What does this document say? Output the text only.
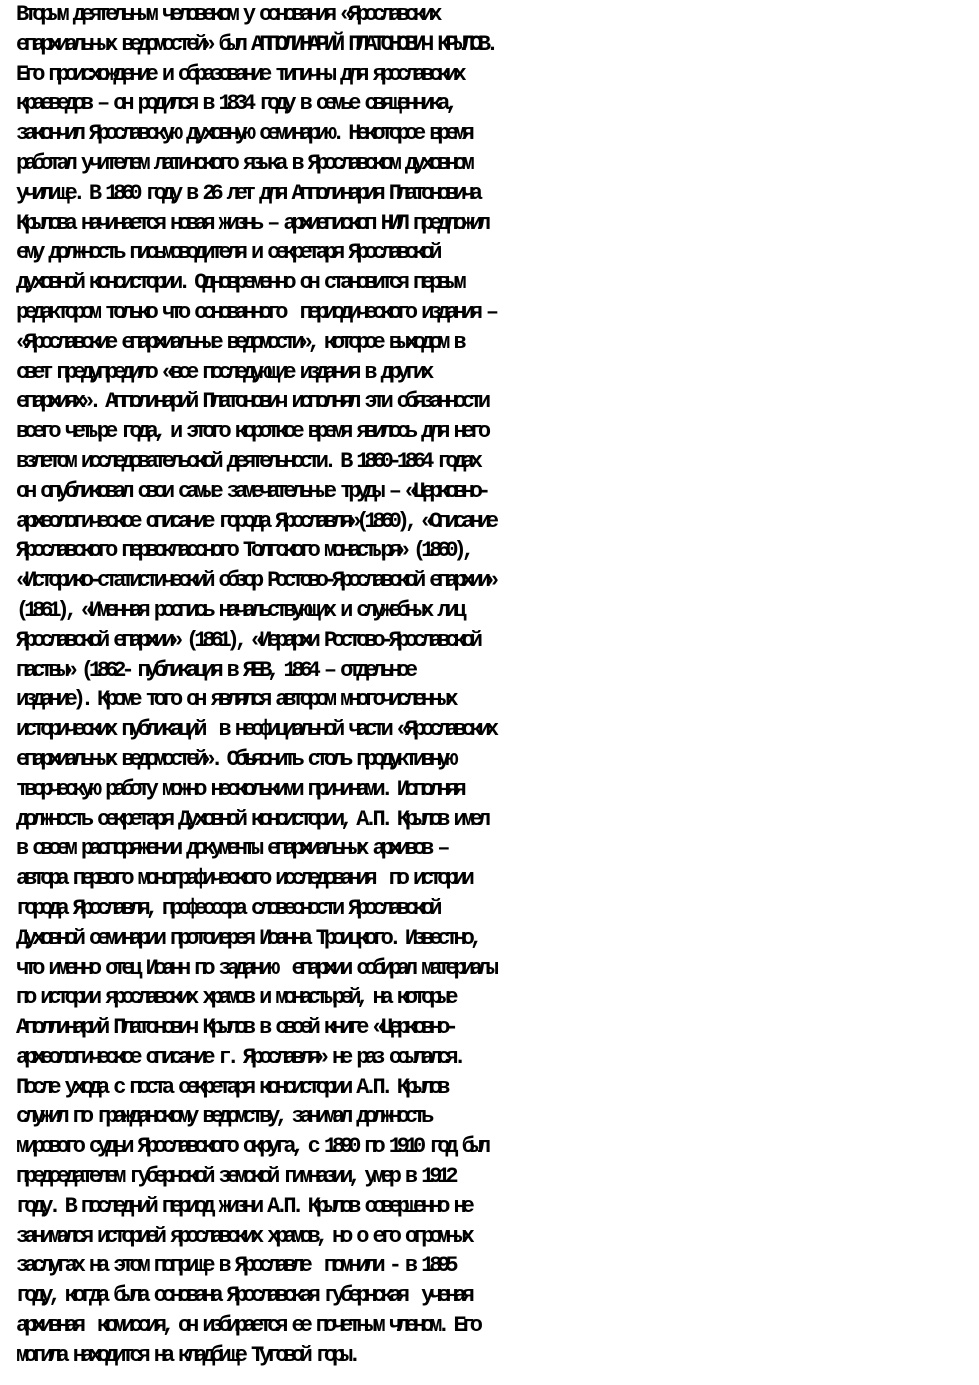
Вторым деятельным человеком у основания «Ярославских
епархиальных ведомостей» был АППОЛИНАРИЙ ПЛАТОНОВИЧ КРЫЛОВ.
Его происхождение и образование типичны для ярославских
краеведов – он родился в 1834 году в семье священника,
закончил Ярославскую духовную семинарию. Некоторое время
работал учителем латинского языка в Ярославском духовном
училище. В 1860 году в 26 лет для Апполинария Платоновича
Крылова начинается новая жизнь – архиепископ НИЛ предложил
ему должность письмоводителя и секретаря Ярославской
духовной консистории. Одновременно он становится первым
редактором только что основанного  периодического издания –
«Ярославские епархиальные ведомости», которое выходом в
свет предупредило «все последующие издания в других
епархиях». Апполинарий Платонович исполнял эти обязанности
всего четыре года, и этого короткое время явилось для него
взлетом исследовательской деятельности. В 1860-1864 годах
он опубликовал свои самые замечательные труды – «Церковно-
археологическое описание города Ярославля»(1860), «Описание
Ярославского первоклассного Толгского монастыря» (1860),
«Историко-статистический обзор Ростово-Ярославской епархии»
(1861), «Именная роспись начальствующих и служебных лиц
Ярославской епархии» (1861), «Иерархи Ростово-Ярославской
паствы» (1862- публикация в ЯЕВ, 1864 – отдельное
издание). Кроме того он являлся автором многочисленных
исторических публикаций  в неофициальной части «Ярославских
епархиальных ведомостей». Объяснить столь продуктивную
творческую работу можно несколькими причинами. Исполняя
должность секретаря Духовной консистории, А.П. Крылов имел
в своем распоряжении документы епархиальных архивов –
автора первого монографического исследования  по истории
города Ярославля, профессора словесности Ярославской
Духовной семинарии протоиерея Иоанна Троицкого. Известно,
что именно отец Иоанн по заданию  епархии собирал материалы
по истории ярославских храмов и монастырей, на которые
Аполлинарий Платонович Крылов в своей книге «Церковно-
археологическое описание г. Ярославля» не раз ссылался.
После ухода с поста секретаря консистории А.П. Крылов
служил по гражданскому ведомству, занимал должность
мирового судьи Ярославского округа, с 1890 по 1910 год был
председателем губернской земской гимназии, умер в 1912
году. В последний период жизни А.П. Крылов совершенно не
занимался историей ярославских храмов, но о его огромных
заслугах на этом поприще в Ярославле  помнили - в 1895
году, когда была основана Ярославская губернская  ученая
архивная  комиссия, он избирается ее почетным членом. Его
могила находится на кладбище Туговой горы.
